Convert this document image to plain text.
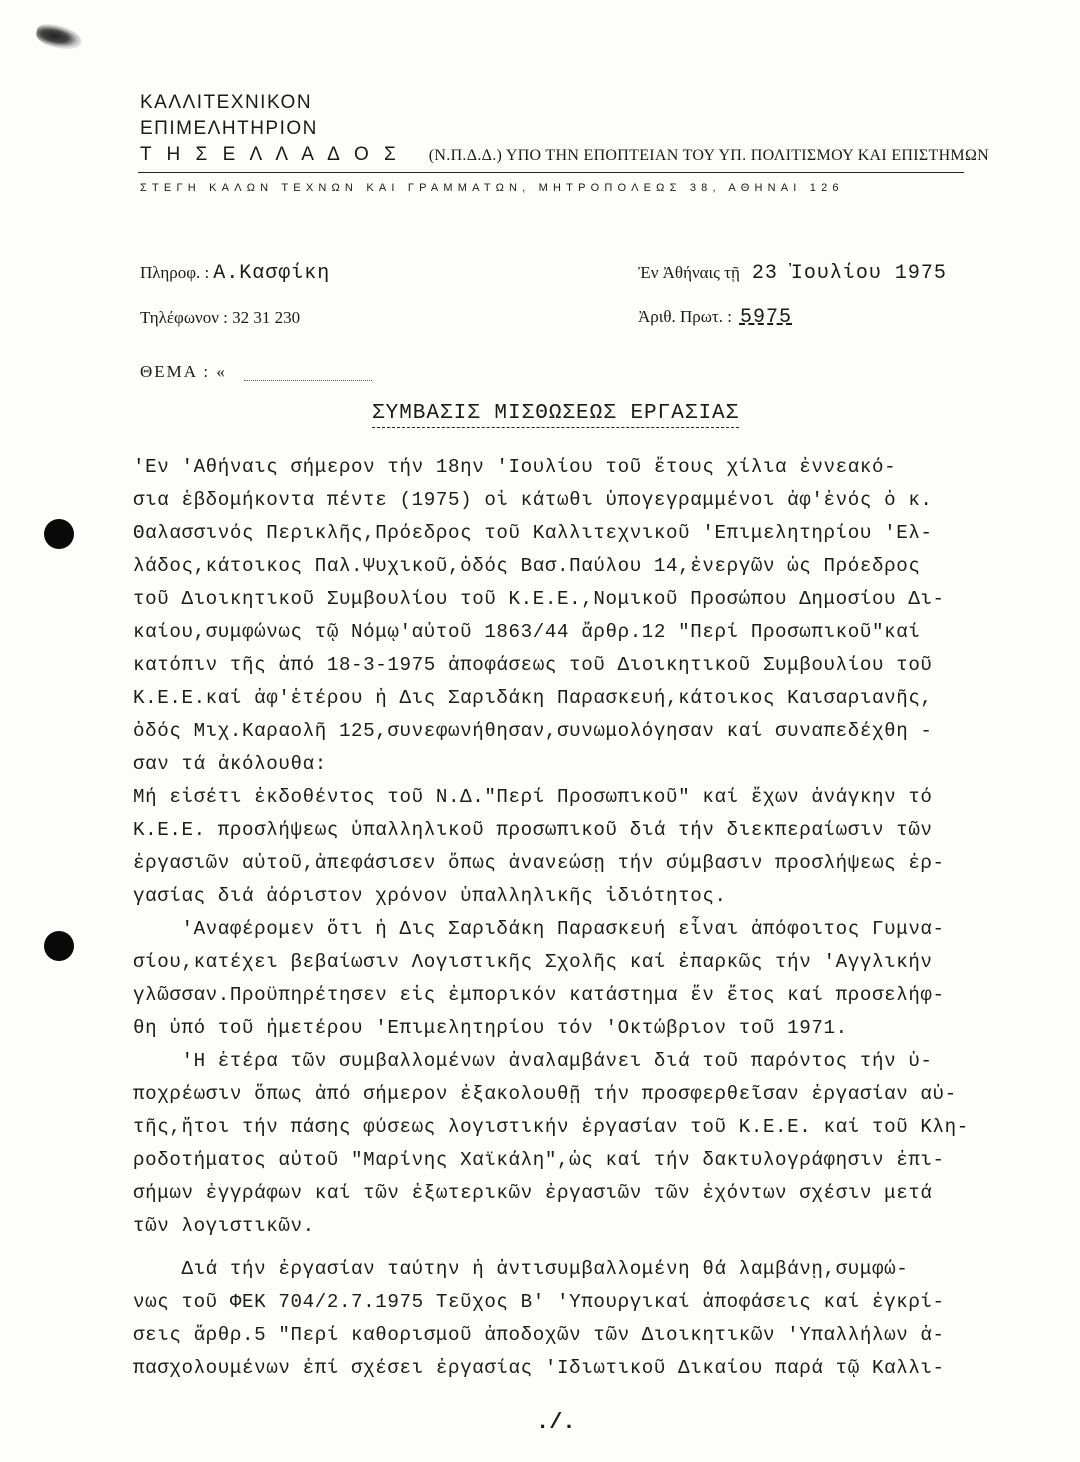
ΚΑΛΛΙΤΕΧΝΙΚΟΝ
ΕΠΙΜΕΛΗΤΗΡΙΟΝ
Τ Η Σ Ε Λ Λ Α Δ Ο Σ (Ν.Π.Δ.Δ.) ΥΠΟ ΤΗΝ ΕΠΟΠΤΕΙΑΝ ΤΟΥ ΥΠ. ΠΟΛΙΤΙΣΜΟΥ ΚΑΙ ΕΠΙΣΤΗΜΩΝ
ΣΤΕΓΗ ΚΑΛΩΝ ΤΕΧΝΩΝ ΚΑΙ ΓΡΑΜΜΑΤΩΝ, ΜΗΤΡΟΠΟΛΕΩΣ 38, ΑΘΗΝΑΙ 126
Πληροφ. : Α.Κασφίκη	Ἐν Ἀθήναις τῇ 23 Ἰουλίου 1975
Τηλέφωνον : 32 31 230	Ἀριθ. Πρωτ. : 5975
ΘΕΜΑ : «
ΣΥΜΒΑΣΙΣ ΜΙΣΘΩΣΕΩΣ ΕΡΓΑΣΙΑΣ
'Εν 'Αθήναις σήμερον τήν 18ην 'Ιουλίου τοῦ ἔτους χίλια ἐννεακό-
σια ἑβδομήκοντα πέντε (1975) οἱ κάτωθι ὑπογεγραμμένοι ἀφ'ἑνός ὁ κ.
Θαλασσινός Περικλῆς,Πρόεδρος τοῦ Καλλιτεχνικοῦ 'Επιμελητηρίου 'Ελ-
λάδος,κάτοικος Παλ.Ψυχικοῦ,ὁδός Βασ.Παύλου 14,ἐνεργῶν ὡς Πρόεδρος
τοῦ Διοικητικοῦ Συμβουλίου τοῦ Κ.Ε.Ε.,Νομικοῦ Προσώπου Δημοσίου Δι-
καίου,συμφώνως τῷ Νόμῳ'αὐτοῦ 1863/44 ἄρθρ.12 "Περί Προσωπικοῦ"καί
κατόπιν τῆς ἀπό 18-3-1975 ἀποφάσεως τοῦ Διοικητικοῦ Συμβουλίου τοῦ
Κ.Ε.Ε.καί ἀφ'ἑτέρου ἡ Δις Σαριδάκη Παρασκευή,κάτοικος Καισαριανῆς,
ὁδός Μιχ.Καραολῆ 125,συνεφωνήθησαν,συνωμολόγησαν καί συναπεδέχθη -
σαν τά ἀκόλουθα:
Μή εἰσέτι ἐκδοθέντος τοῦ Ν.Δ."Περί Προσωπικοῦ" καί ἔχων ἀνάγκην τό
Κ.Ε.Ε. προσλήψεως ὑπαλληλικοῦ προσωπικοῦ διά τήν διεκπεραίωσιν τῶν
ἐργασιῶν αὐτοῦ,ἀπεφάσισεν ὅπως ἀνανεώσῃ τήν σύμβασιν προσλήψεως ἐρ-
γασίας διά ἀόριστον χρόνον ὑπαλληλικῆς ἰδιότητος.
'Αναφέρομεν ὅτι ἡ Δις Σαριδάκη Παρασκευή εἶναι ἀπόφοιτος Γυμνα-
σίου,κατέχει βεβαίωσιν Λογιστικῆς Σχολῆς καί ἐπαρκῶς τήν 'Αγγλικήν
γλῶσσαν.Προϋπηρέτησεν εἰς ἐμπορικόν κατάστημα ἕν ἔτος καί προσελήφ-
θη ὑπό τοῦ ἡμετέρου 'Επιμελητηρίου τόν 'Οκτώβριον τοῦ 1971.
'Η ἑτέρα τῶν συμβαλλομένων ἀναλαμβάνει διά τοῦ παρόντος τήν ὑ-
ποχρέωσιν ὅπως ἀπό σήμερον ἐξακολουθῇ τήν προσφερθεῖσαν ἐργασίαν αὐ-
τῆς,ἤτοι τήν πάσης φύσεως λογιστικήν ἐργασίαν τοῦ Κ.Ε.Ε. καί τοῦ Κλη-
ροδοτήματος αὐτοῦ "Μαρίνης Χαϊκάλη",ὡς καί τήν δακτυλογράφησιν ἐπι-
σήμων ἐγγράφων καί τῶν ἐξωτερικῶν ἐργασιῶν τῶν ἐχόντων σχέσιν μετά
τῶν λογιστικῶν.
Διά τήν ἐργασίαν ταύτην ἡ ἀντισυμβαλλομένη θά λαμβάνῃ,συμφώ-
νως τοῦ ΦΕΚ 704/2.7.1975 Τεῦχος Β' 'Υπουργικαί ἀποφάσεις καί ἐγκρί-
σεις ἄρθρ.5 "Περί καθορισμοῦ ἀποδοχῶν τῶν Διοικητικῶν 'Υπαλλήλων ἀ-
πασχολουμένων ἐπί σχέσει ἐργασίας 'Ιδιωτικοῦ Δικαίου παρά τῷ Καλλι-
./.
